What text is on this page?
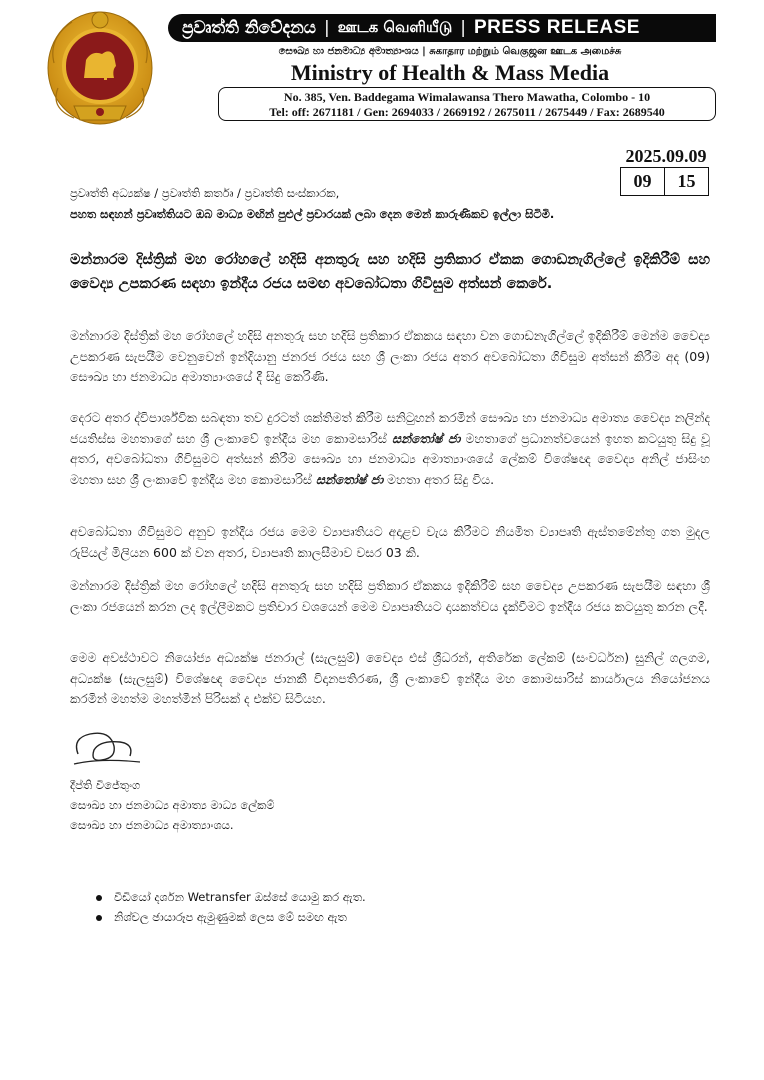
ප්‍රවෘත්ති නිවේදනය | ஊடக வெளியீடு | PRESS RELEASE
සෞඛ්‍ය හා ජනමාධ්‍ය අමාත්‍යාංශය | சுகாதார மற்றும் வெகுஜன ஊடக அமைச்சு
Ministry of Health & Mass Media
No. 385, Ven. Baddegama Wimalawansa Thero Mawatha, Colombo - 10
Tel: off: 2671181 / Gen: 2694033 / 2669192 / 2675011 / 2675449 / Fax: 2689540
2025.09.09
09	15
ප්‍රවෘත්ති අධ්‍යක්ෂ / ප්‍රවෘත්ති කර්තෘ / ප්‍රවෘත්ති සංස්කාරක,
පහත සඳහන් ප්‍රවෘත්තියට ඔබ මාධ්‍ය මඟින් පුළුල් ප්‍රචාරයක් ලබා දෙන මෙන් කාරුණිකව ඉල්ලා සිටිමි.
මන්නාරම දිස්ත්‍රික් මහ රෝහලේ හදිසි අනතුරු සහ හදිසි ප්‍රතිකාර ඒකක ගොඩනැගිල්ලේ ඉදිකිරීම් සහ වෛද්‍ය උපකරණ සඳහා ඉන්දීය රජය සමඟ අවබෝධතා ගිවිසුම අත්සන් කෙරේ.
මන්නාරම දිස්ත්‍රික් මහ රෝහලේ හදිසි අනතුරු සහ හදිසි ප්‍රතිකාර ඒකකය සඳහා වන ගොඩනැගිල්ලේ ඉදිකිරීම් මෙන්ම වෛද්‍ය උපකරණ සැපයීම වෙනුවෙන් ඉන්දියානු ජනරජ රජය සහ ශ්‍රී ලංකා රජය අතර අවබෝධතා ගිවිසුම අත්සන් කිරීම අද (09) සෞඛ්‍ය හා ජනමාධ්‍ය අමාත්‍යාංශයේ දී සිදු කෙරිණි.
දෙරට අතර ද්විපාර්ශ්වික සබඳතා තව දුරටත් ශක්තිමත් කිරීම සනිටුහන් කරමින් සෞඛ්‍ය හා ජනමාධ්‍ය අමාත්‍ය වෛද්‍ය නලින්ද ජයතිස්ස මහතාගේ සහ ශ්‍රී ලංකාවේ ඉන්දීය මහ කොමසාරිස් සන්තෝෂ් ජා මහතාගේ ප්‍රධානත්වයෙන් ඉහත කටයුතු සිදු වූ අතර, අවබෝධතා ගිවිසුමට අත්සන් කිරීම සෞඛ්‍ය හා ජනමාධ්‍ය අමාත්‍යාංශයේ ලේකම් විශේෂඥ වෛද්‍ය අනිල් ජාසිංහ මහතා සහ ශ්‍රී ලංකාවේ ඉන්දීය මහ කොමසාරිස් සන්තෝෂ් ජා මහතා අතර සිදු විය.
අවබෝධතා ගිවිසුමට අනුව ඉන්දීය රජය මෙම ව්‍යාපෘතියට අදාළව වැය කිරීමට නියමිත ව්‍යාපෘති ඇස්තමේන්තු ගත මුදල රුපියල් මිලියන 600 ක් වන අතර, ව්‍යාපෘති කාලසීමාව වසර 03 කි.
මන්නාරම දිස්ත්‍රික් මහ රෝහලේ හදිසි අනතුරු සහ හදිසි ප්‍රතිකාර ඒකකය ඉදිකිරීම් සහ වෛද්‍ය උපකරණ සැපයීම සඳහා ශ්‍රී ලංකා රජයෙන් කරන ලද ඉල්ලීමකට ප්‍රතිචාර වශයෙන් මෙම ව්‍යාපෘතියට දායකත්වය දැක්වීමට ඉන්දීය රජය කටයුතු කරන ලදී.
මෙම අවස්ථාවට නියෝජ්‍ය අධ්‍යක්ෂ ජනරාල් (සැලසුම්) වෛද්‍ය එස් ශ්‍රීධරන්, අතිරේක ලේකම් (සංවර්ධන) සුනිල් ගලගම, අධ්‍යක්ෂ (සැලසුම්) විශේෂඥ වෛද්‍ය ජානකී විදානපතිරණ, ශ්‍රී ලංකාවේ ඉන්දීය මහ කොමසාරිස් කාර්යාලය නියෝජනය කරමින් මහත්ම මහත්මීන් පිරිසක් ද එක්ව සිටියහ.
දීප්ති විජේතුංග
සෞඛ්‍ය හා ජනමාධ්‍ය අමාත්‍ය මාධ්‍ය ලේකම්
සෞඛ්‍ය හා ජනමාධ්‍ය අමාත්‍යාංශය.
වීඩියෝ දර්ශන Wetransfer ඔස්සේ යොමු කර ඇත.
නිශ්චල ඡායාරූප ඇමුණුමක් ලෙස මේ සමඟ ඇත
